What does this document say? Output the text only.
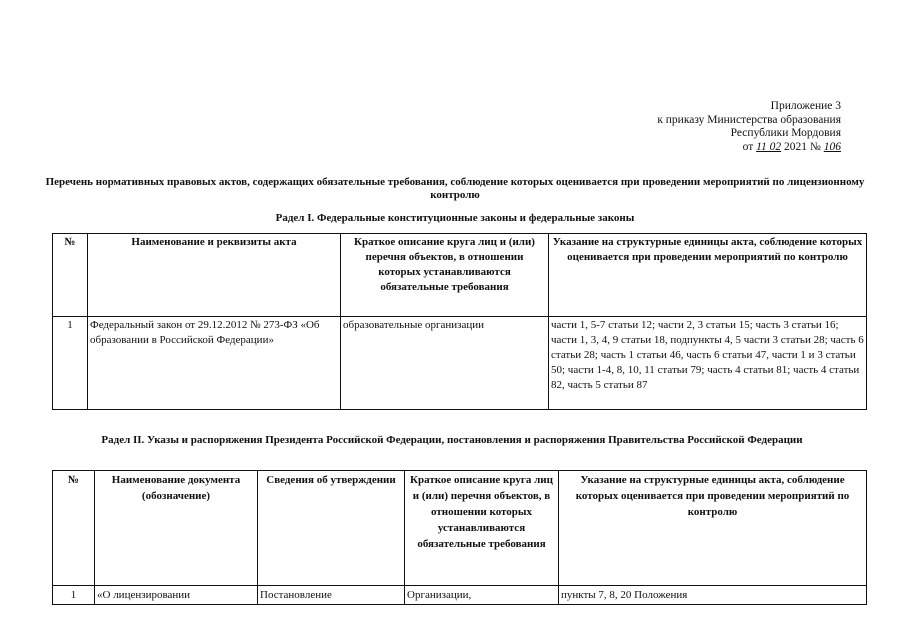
Приложение 3
к приказу Министерства образования
Республики Мордовия
от 11 02 2021 № 106
Перечень нормативных правовых актов, содержащих обязательные требования, соблюдение которых оценивается при проведении мероприятий по лицензионному контролю
Радел I. Федеральные конституционные законы и федеральные законы
№	Наименование и реквизиты акта	Краткое описание круга лиц и (или) перечня объектов, в отношении которых устанавливаются обязательные требования	Указание на структурные единицы акта, соблюдение которых оценивается при проведении мероприятий по контролю
1	Федеральный закон от 29.12.2012 № 273-ФЗ «Об образовании в Российской Федерации»	образовательные организации	части 1, 5-7 статьи 12; части 2, 3 статьи 15; часть 3 статьи 16; части 1, 3, 4, 9 статьи 18, подпункты 4, 5 части 3 статьи 28; часть 6 статьи 28; часть 1 статьи 46, часть 6 статьи 47, части 1 и 3 статьи 50; части 1-4, 8, 10, 11 статьи 79; часть 4 статьи 81; часть 4 статьи 82, часть 5 статьи 87
Радел II. Указы и распоряжения Президента Российской Федерации, постановления и распоряжения Правительства Российской Федерации
№	Наименование документа (обозначение)	Сведения об утверждении	Краткое описание круга лиц и (или) перечня объектов, в отношении которых устанавливаются обязательные требования	Указание на структурные единицы акта, соблюдение которых оценивается при проведении мероприятий по контролю
1	«О лицензировании	Постановление	Организации,	пункты 7, 8, 20 Положения
